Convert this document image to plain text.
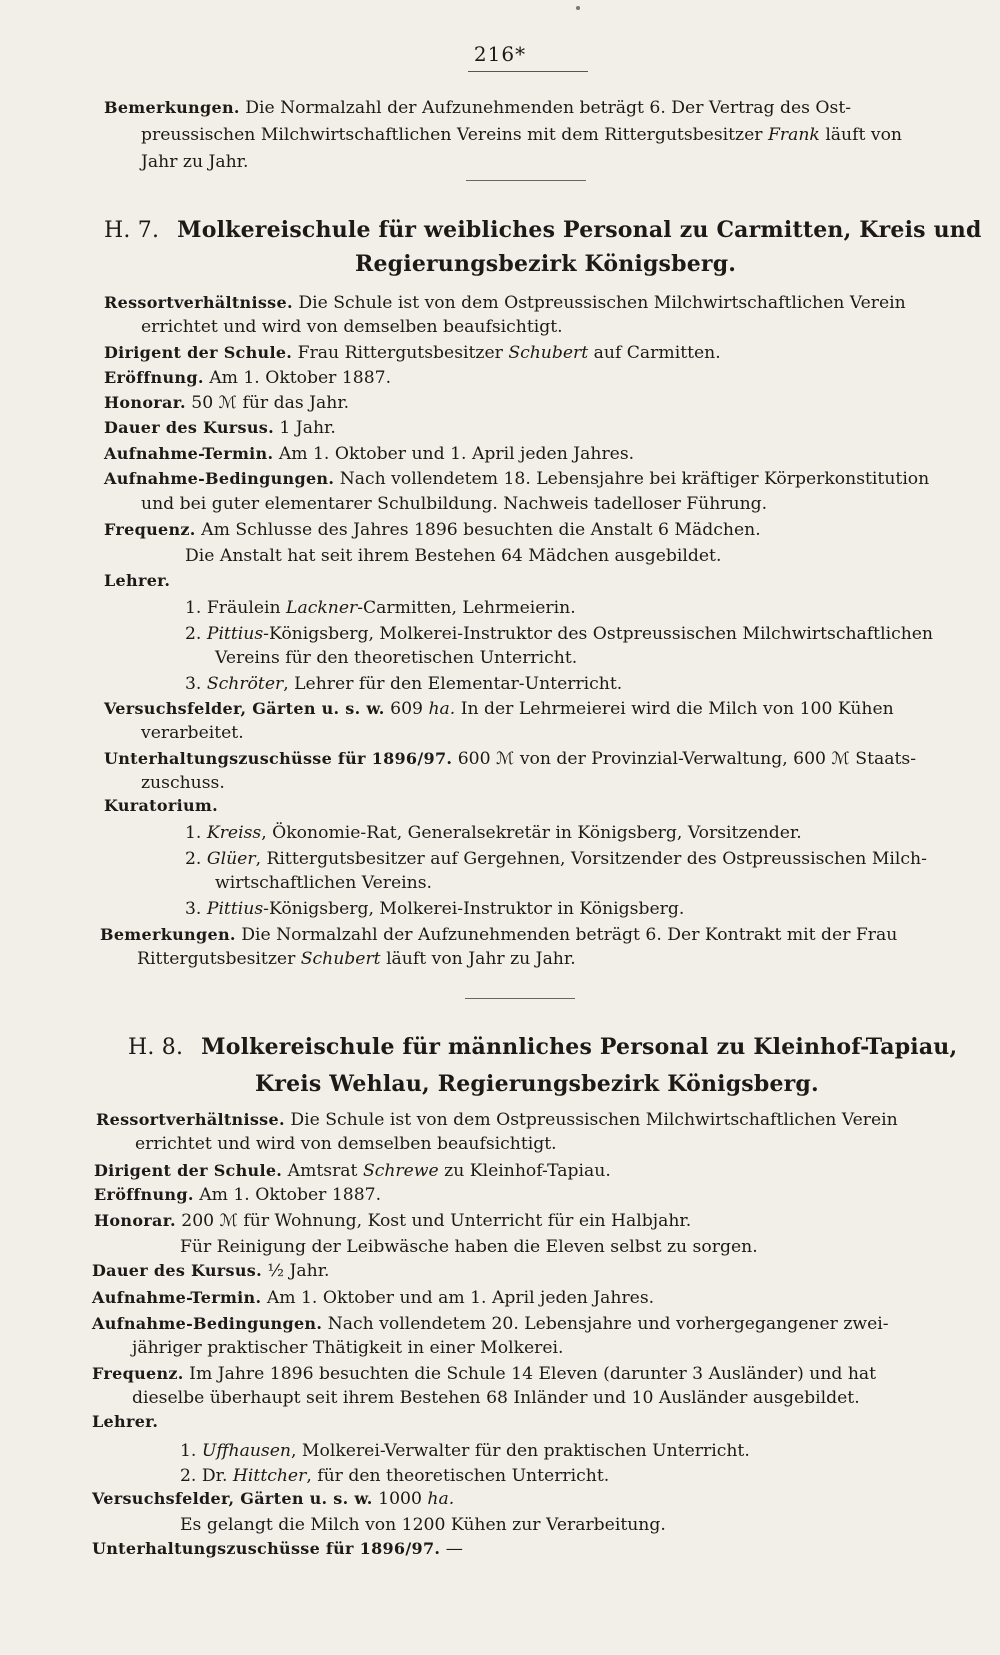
216*
Bemerkungen. Die Normalzahl der Aufzunehmenden beträgt 6. Der Vertrag des Ost-
preussischen Milchwirtschaftlichen Vereins mit dem Rittergutsbesitzer Frank läuft von
Jahr zu Jahr.
H. 7. Molkereischule für weibliches Personal zu Carmitten, Kreis und
Regierungsbezirk Königsberg.
Ressortverhältnisse. Die Schule ist von dem Ostpreussischen Milchwirtschaftlichen Verein
errichtet und wird von demselben beaufsichtigt.
Dirigent der Schule. Frau Rittergutsbesitzer Schubert auf Carmitten.
Eröffnung. Am 1. Oktober 1887.
Honorar. 50 ℳ für das Jahr.
Dauer des Kursus. 1 Jahr.
Aufnahme-Termin. Am 1. Oktober und 1. April jeden Jahres.
Aufnahme-Bedingungen. Nach vollendetem 18. Lebensjahre bei kräftiger Körperkonstitution
und bei guter elementarer Schulbildung. Nachweis tadelloser Führung.
Frequenz. Am Schlusse des Jahres 1896 besuchten die Anstalt 6 Mädchen.
Die Anstalt hat seit ihrem Bestehen 64 Mädchen ausgebildet.
Lehrer.
1. Fräulein Lackner-Carmitten, Lehrmeierin.
2. Pittius-Königsberg, Molkerei-Instruktor des Ostpreussischen Milchwirtschaftlichen
Vereins für den theoretischen Unterricht.
3. Schröter, Lehrer für den Elementar-Unterricht.
Versuchsfelder, Gärten u. s. w. 609 ha. In der Lehrmeierei wird die Milch von 100 Kühen
verarbeitet.
Unterhaltungszuschüsse für 1896/97. 600 ℳ von der Provinzial-Verwaltung, 600 ℳ Staats-
zuschuss.
Kuratorium.
1. Kreiss, Ökonomie-Rat, Generalsekretär in Königsberg, Vorsitzender.
2. Glüer, Rittergutsbesitzer auf Gergehnen, Vorsitzender des Ostpreussischen Milch-
wirtschaftlichen Vereins.
3. Pittius-Königsberg, Molkerei-Instruktor in Königsberg.
Bemerkungen. Die Normalzahl der Aufzunehmenden beträgt 6. Der Kontrakt mit der Frau
Rittergutsbesitzer Schubert läuft von Jahr zu Jahr.
H. 8. Molkereischule für männliches Personal zu Kleinhof-Tapiau,
Kreis Wehlau, Regierungsbezirk Königsberg.
Ressortverhältnisse. Die Schule ist von dem Ostpreussischen Milchwirtschaftlichen Verein
errichtet und wird von demselben beaufsichtigt.
Dirigent der Schule. Amtsrat Schrewe zu Kleinhof-Tapiau.
Eröffnung. Am 1. Oktober 1887.
Honorar. 200 ℳ für Wohnung, Kost und Unterricht für ein Halbjahr.
Für Reinigung der Leibwäsche haben die Eleven selbst zu sorgen.
Dauer des Kursus. ½ Jahr.
Aufnahme-Termin. Am 1. Oktober und am 1. April jeden Jahres.
Aufnahme-Bedingungen. Nach vollendetem 20. Lebensjahre und vorhergegangener zwei-
jähriger praktischer Thätigkeit in einer Molkerei.
Frequenz. Im Jahre 1896 besuchten die Schule 14 Eleven (darunter 3 Ausländer) und hat
dieselbe überhaupt seit ihrem Bestehen 68 Inländer und 10 Ausländer ausgebildet.
Lehrer.
1. Uffhausen, Molkerei-Verwalter für den praktischen Unterricht.
2. Dr. Hittcher, für den theoretischen Unterricht.
Versuchsfelder, Gärten u. s. w. 1000 ha.
Es gelangt die Milch von 1200 Kühen zur Verarbeitung.
Unterhaltungszuschüsse für 1896/97. —
